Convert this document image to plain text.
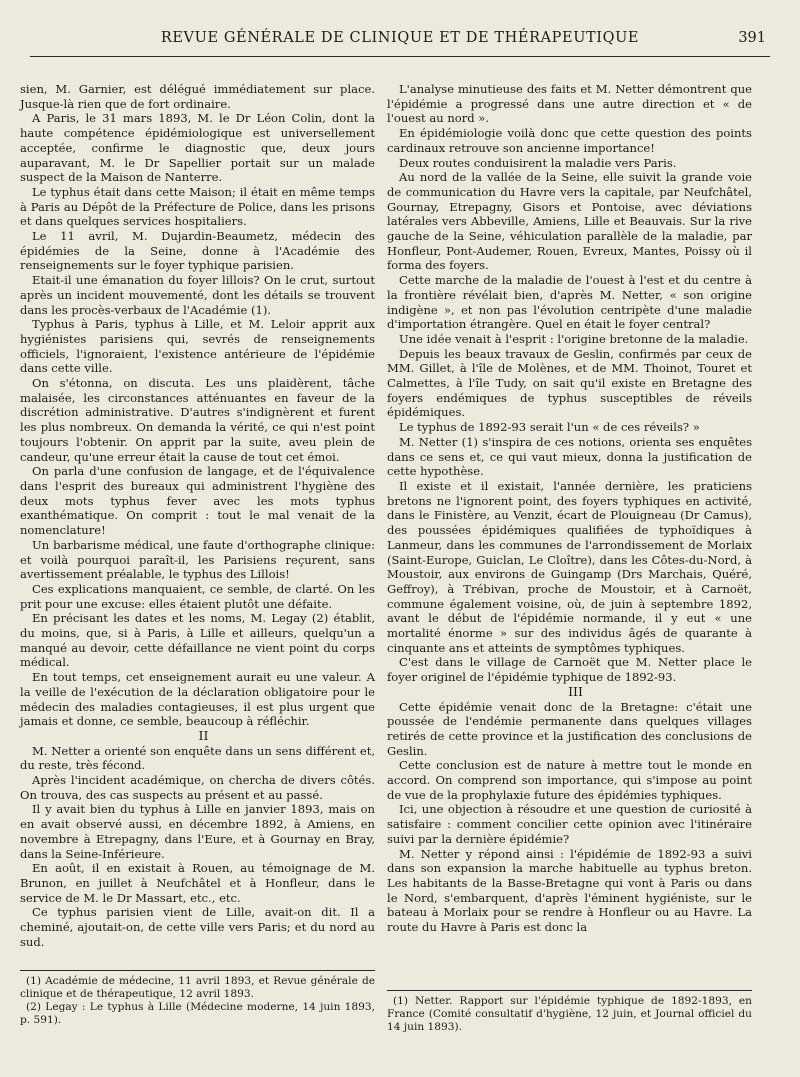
REVUE GÉNÉRALE DE CLINIQUE ET DE THÉRAPEUTIQUE	391

sien, M. Garnier, est délégué immédiatement sur place. Jusque-là rien que de fort ordinaire.

A Paris, le 31 mars 1893, M. le Dr Léon Colin, dont la haute compétence épidémiologique est universellement acceptée, confirme le diagnostic que, deux jours auparavant, M. le Dr Sapellier portait sur un malade suspect de la Maison de Nanterre.

Le typhus était dans cette Maison; il était en même temps à Paris au Dépôt de la Préfecture de Police, dans les prisons et dans quelques services hospitaliers.

Le 11 avril, M. Dujardin-Beaumetz, médecin des épidémies de la Seine, donne à l'Académie des renseignements sur le foyer typhique parisien.

Etait-il une émanation du foyer lillois? On le crut, surtout après un incident mouvementé, dont les détails se trouvent dans les procès-verbaux de l'Académie (1).

Typhus à Paris, typhus à Lille, et M. Leloir apprit aux hygiénistes parisiens qui, sevrés de renseignements officiels, l'ignoraient, l'existence antérieure de l'épidémie dans cette ville.

On s'étonna, on discuta. Les uns plaidèrent, tâche malaisée, les circonstances atténuantes en faveur de la discrétion administrative. D'autres s'indignèrent et furent les plus nombreux. On demanda la vérité, ce qui n'est point toujours l'obtenir. On apprit par la suite, aveu plein de candeur, qu'une erreur était la cause de tout cet émoi.

On parla d'une confusion de langage, et de l'équivalence dans l'esprit des bureaux qui administrent l'hygiène des deux mots typhus fever avec les mots typhus exanthématique. On comprit : tout le mal venait de la nomenclature!

Un barbarisme médical, une faute d'orthographe clinique: et voilà pourquoi paraît-il, les Parisiens reçurent, sans avertissement préalable, le typhus des Lillois!

Ces explications manquaient, ce semble, de clarté. On les prit pour une excuse: elles étaient plutôt une défaite.

En précisant les dates et les noms, M. Legay (2) établit, du moins, que, si à Paris, à Lille et ailleurs, quelqu'un a manqué au devoir, cette défaillance ne vient point du corps médical.

En tout temps, cet enseignement aurait eu une valeur. A la veille de l'exécution de la déclaration obligatoire pour le médecin des maladies contagieuses, il est plus urgent que jamais et donne, ce semble, beaucoup à réfléchir.

II

M. Netter a orienté son enquête dans un sens différent et, du reste, très fécond.

Après l'incident académique, on chercha de divers côtés. On trouva, des cas suspects au présent et au passé.

Il y avait bien du typhus à Lille en janvier 1893, mais on en avait observé aussi, en décembre 1892, à Amiens, en novembre à Etrepagny, dans l'Eure, et à Gournay en Bray, dans la Seine-Inférieure.

En août, il en existait à Rouen, au témoignage de M. Brunon, en juillet à Neufchâtel et à Honfleur, dans le service de M. le Dr Massart, etc., etc.

Ce typhus parisien vient de Lille, avait-on dit. Il a cheminé, ajoutait-on, de cette ville vers Paris; et du nord au sud.

(1) Académie de médecine, 11 avril 1893, et Revue générale de clinique et de thérapeutique, 12 avril 1893.
(2) Legay : Le typhus à Lille (Médecine moderne, 14 juin 1893, p. 591).

L'analyse minutieuse des faits et M. Netter démontrent que l'épidémie a progressé dans une autre direction et « de l'ouest au nord ».

En épidémiologie voilà donc que cette question des points cardinaux retrouve son ancienne importance!

Deux routes conduisirent la maladie vers Paris.

Au nord de la vallée de la Seine, elle suivit la grande voie de communication du Havre vers la capitale, par Neufchâtel, Gournay, Etrepagny, Gisors et Pontoise, avec déviations latérales vers Abbeville, Amiens, Lille et Beauvais. Sur la rive gauche de la Seine, véhiculation parallèle de la maladie, par Honfleur, Pont-Audemer, Rouen, Evreux, Mantes, Poissy où il forma des foyers.

Cette marche de la maladie de l'ouest à l'est et du centre à la frontière révélait bien, d'après M. Netter, « son origine indigène », et non pas l'évolution centripète d'une maladie d'importation étrangère. Quel en était le foyer central?

Une idée venait à l'esprit : l'origine bretonne de la maladie.

Depuis les beaux travaux de Geslin, confirmés par ceux de MM. Gillet, à l'île de Molènes, et de MM. Thoinot, Touret et Calmettes, à l'île Tudy, on sait qu'il existe en Bretagne des foyers endémiques de typhus susceptibles de réveils épidémiques.

Le typhus de 1892-93 serait l'un « de ces réveils? »

M. Netter (1) s'inspira de ces notions, orienta ses enquêtes dans ce sens et, ce qui vaut mieux, donna la justification de cette hypothèse.

Il existe et il existait, l'année dernière, les praticiens bretons ne l'ignorent point, des foyers typhiques en activité, dans le Finistère, au Venzit, écart de Plouigneau (Dr Camus), des poussées épidémiques qualifiées de typhoïdiques à Lanmeur, dans les communes de l'arrondissement de Morlaix (Saint-Europe, Guiclan, Le Cloître), dans les Côtes-du-Nord, à Moustoir, aux environs de Guingamp (Drs Marchais, Quéré, Geffroy), à Trébivan, proche de Moustoir, et à Carnoët, commune également voisine, où, de juin à septembre 1892, avant le début de l'épidémie normande, il y eut « une mortalité énorme » sur des individus âgés de quarante à cinquante ans et atteints de symptômes typhiques.

C'est dans le village de Carnoët que M. Netter place le foyer originel de l'épidémie typhique de 1892-93.

III

Cette épidémie venait donc de la Bretagne: c'était une poussée de l'endémie permanente dans quelques villages retirés de cette province et la justification des conclusions de Geslin.

Cette conclusion est de nature à mettre tout le monde en accord. On comprend son importance, qui s'impose au point de vue de la prophylaxie future des épidémies typhiques.

Ici, une objection à résoudre et une question de curiosité à satisfaire : comment concilier cette opinion avec l'itinéraire suivi par la dernière épidémie?

M. Netter y répond ainsi : l'épidémie de 1892-93 a suivi dans son expansion la marche habituelle au typhus breton. Les habitants de la Basse-Bretagne qui vont à Paris ou dans le Nord, s'embarquent, d'après l'éminent hygiéniste, sur le bateau à Morlaix pour se rendre à Honfleur ou au Havre. La route du Havre à Paris est donc la

(1) Netter. Rapport sur l'épidémie typhique de 1892-1893, en France (Comité consultatif d'hygiène, 12 juin, et Journal officiel du 14 juin 1893).
